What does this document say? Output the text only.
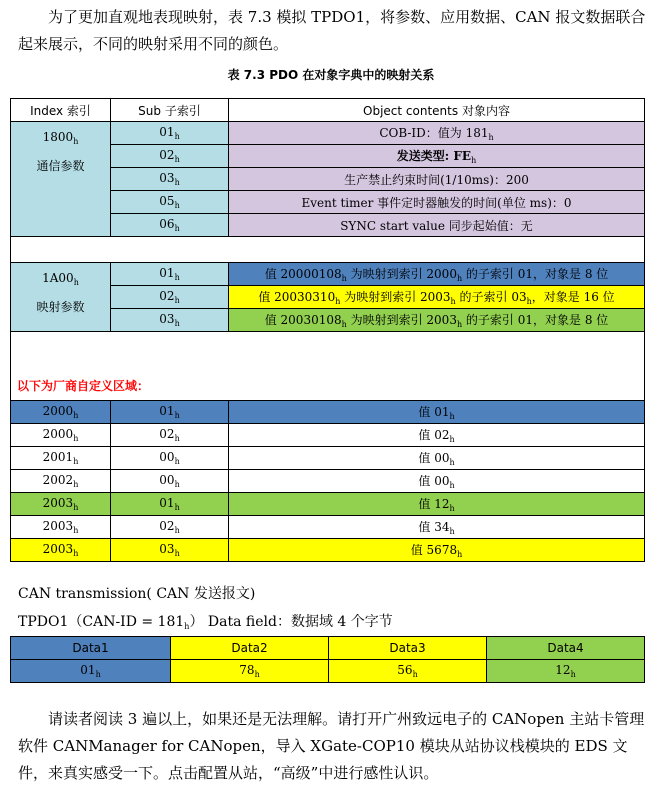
为了更加直观地表现映射，表 7.3 模拟 TPDO1，将参数、应用数据、CAN 报文数据联合起来展示，不同的映射采用不同的颜色。

表 7.3 PDO 在对象字典中的映射关系
Index 索引	Sub 子索引	Object contents 对象内容
$1800_h$
通信参数	$01_h$	COB-ID：值为 $181_h$
	$02_h$	发送类型: $FE_h$
	$03_h$	生产禁止约束时间(1/10ms)：200
	$05_h$	Event timer 事件定时器触发的时间(单位 ms)：0
	$06_h$	SYNC start value 同步起始值：无

$1A00_h$
映射参数	$01_h$	值 $20000108_h$ 为映射到索引 $2000_h$ 的子索引 01，对象是 8 位
	$02_h$	值 $20030310_h$ 为映射到索引 $2003_h$ 的子索引 $03_h$，对象是 16 位
	$03_h$	值 $20030108_h$ 为映射到索引 $2003_h$ 的子索引 01，对象是 8 位
以下为厂商自定义区域：		
$2000_h$	$01_h$	值 $01_h$
$2000_h$	$02_h$	值 $02_h$
$2001_h$	$00_h$	值 $00_h$
$2002_h$	$00_h$	值 $00_h$
$2003_h$	$01_h$	值 $12_h$
$2003_h$	$02_h$	值 $34_h$
$2003_h$	$03_h$	值 $5678_h$
CAN transmission( CAN 发送报文)
TPDO1（CAN-ID = $181_h$） Data field：数据域 4 个字节
Data1	Data2	Data3	Data4
$01_h$	$78_h$	$56_h$	$12_h$

请读者阅读 3 遍以上，如果还是无法理解。请打开广州致远电子的 CANopen 主站卡管理软件 CANManager for CANopen，导入 XGate-COP10 模块从站协议栈模块的 EDS 文件，来真实感受一下。点击配置从站，“高级”中进行感性认识。
